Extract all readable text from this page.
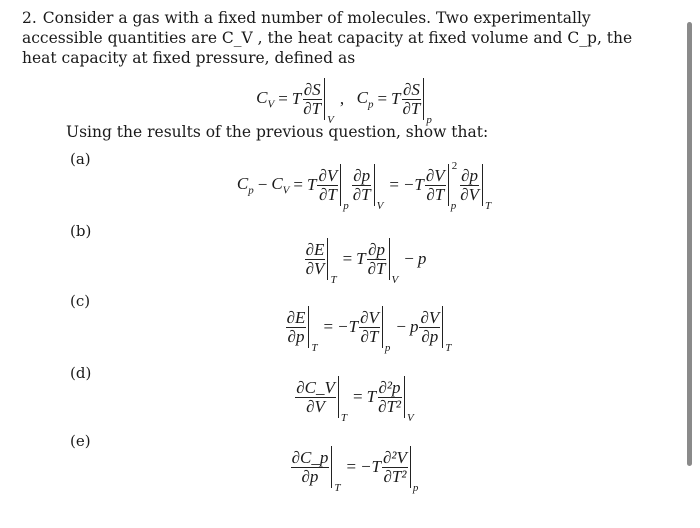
2. Consider a gas with a fixed number of molecules. Two experimentally accessible quantities are C_V , the heat capacity at fixed volume and C_p, the heat capacity at fixed pressure, defined as
$C_V = T \frac{\partial S}{\partial T}$
V
, $C_p = T \frac{\partial S}{\partial T}$
p
Using the results of the previous question, show that:
(a)
$C_p - C_V = T \frac{\partial V}{\partial T}$
p
$\frac{\partial p}{\partial T}$
V
= $-T \frac{\partial V}{\partial T}$
p
2
$\frac{\partial p}{\partial V}$
T
(b)
$\frac{\partial E}{\partial V}$
T
= T $\frac{\partial p}{\partial T}$
V
− p
(c)
$\frac{\partial E}{\partial p}$
T
= $-T \frac{\partial V}{\partial T}$
p
− p $\frac{\partial V}{\partial p}$
T
(d)
$\frac{\partial C\_V}{\partial V}$
T
= T $\frac{\text{∂²p}}{\text{∂T²}}$
V
(e)
$\frac{\partial C\_p}{\partial p}$
T
= $-T \frac{\text{∂²V}}{\text{∂T²}}$
p
